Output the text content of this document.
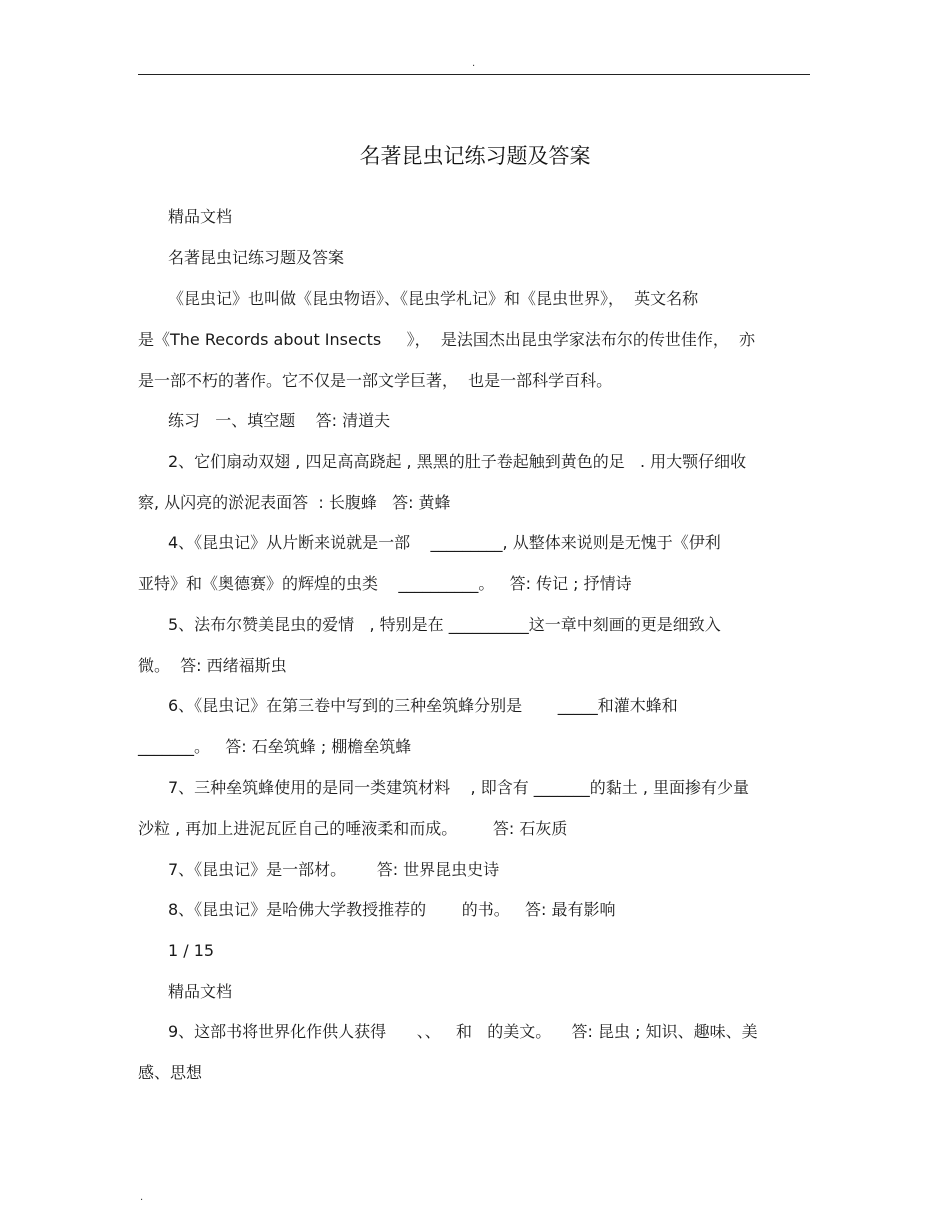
.
名著昆虫记练习题及答案
精品文档
名著昆虫记练习题及答案
《昆虫记》也叫做《昆虫物语》、《昆虫学札记》和《昆虫世界》，  英文名称
是《The Records about Insects     》，  是法国杰出昆虫学家法布尔的传世佳作，  亦
是一部不朽的著作。它不仅是一部文学巨著，  也是一部科学百科。
练习   一、填空题    答: 清道夫
2、它们扇动双翅 , 四足高高跷起 , 黑黑的肚子卷起触到黄色的足   . 用大颚仔细收
察, 从闪亮的淤泥表面答  : 长腹蜂   答: 黄蜂
4、《昆虫记》从片断来说就是一部    _________, 从整体来说则是无愧于《伊利
亚特》和《奥德赛》的辉煌的虫类    __________。   答: 传记 ; 抒情诗
5、法布尔赞美昆虫的爱情   , 特别是在 __________这一章中刻画的更是细致入
微。  答: 西绪福斯虫
6、《昆虫记》在第三卷中写到的三种垒筑蜂分别是       _____和灌木蜂和
_______。   答: 石垒筑蜂 ; 棚檐垒筑蜂
7、三种垒筑蜂使用的是同一类建筑材料    , 即含有 _______的黏土 , 里面掺有少量
沙粒 , 再加上进泥瓦匠自己的唾液柔和而成。       答: 石灰质
7、《昆虫记》是一部材。      答: 世界昆虫史诗
8、《昆虫记》是哈佛大学教授推荐的       的书。   答: 最有影响
1 / 15
精品文档
9、这部书将世界化作供人获得      、、   和   的美文。    答: 昆虫 ; 知识、趣味、美
感、思想
.
